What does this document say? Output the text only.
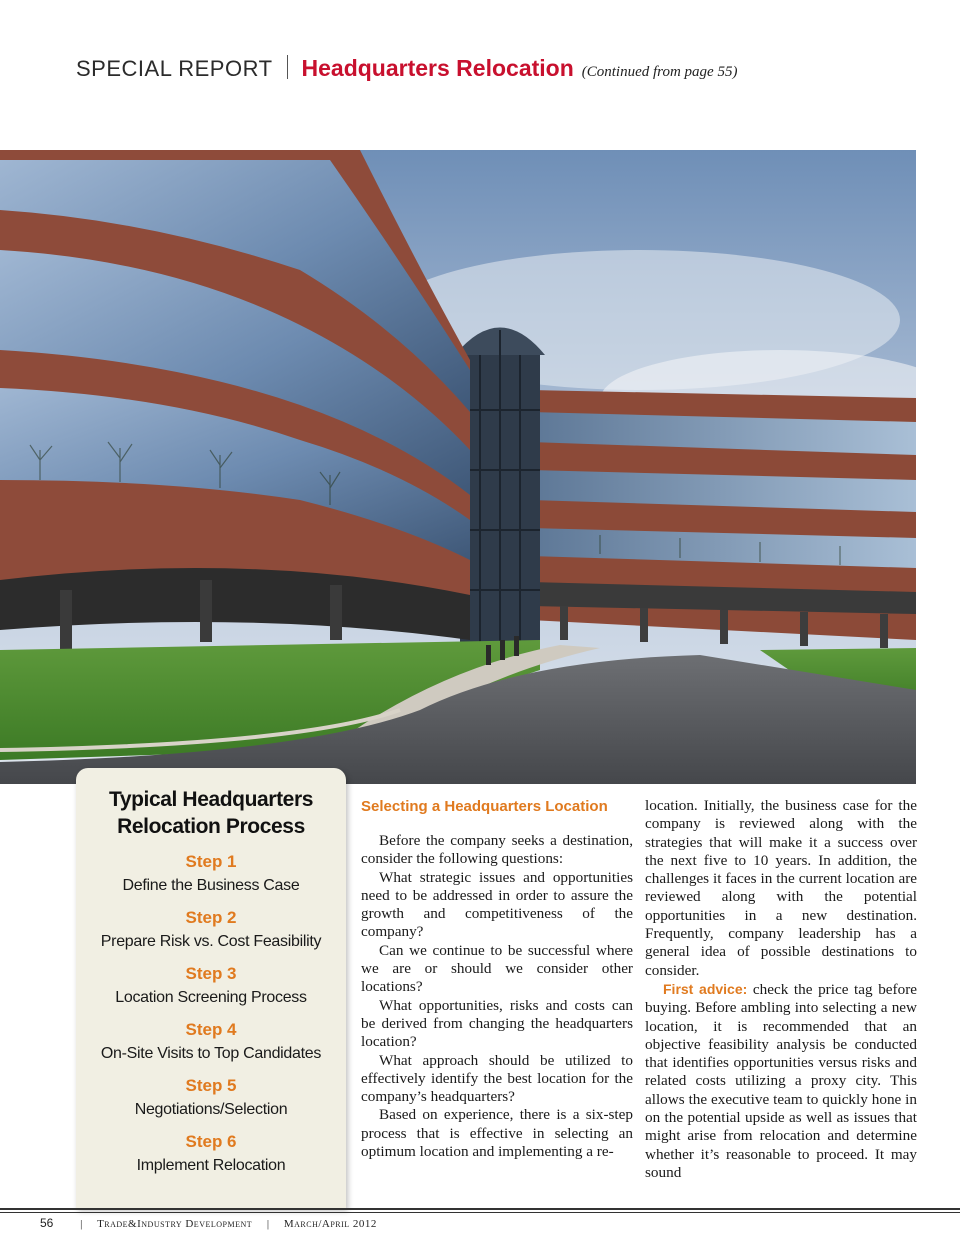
SPECIAL REPORT Headquarters Relocation (Continued from page 55)
Typical Headquarters
Relocation Process
Step 1
Define the Business Case
Step 2
Prepare Risk vs. Cost Feasibility
Step 3
Location Screening Process
Step 4
On-Site Visits to Top Candidates
Step 5
Negotiations/Selection
Step 6
Implement Relocation
Selecting a Headquarters Location

Before the company seeks a destination, consider the following questions:

What strategic issues and opportunities need to be addressed in order to assure the growth and competitiveness of the company?

Can we continue to be successful where we are or should we consider other locations?

What opportunities, risks and costs can be derived from changing the headquarters location?

What approach should be utilized to effectively identify the best location for the company’s headquarters?

Based on experience, there is a six-step process that is effective in selecting an optimum location and implementing a re-

location. Initially, the business case for the company is reviewed along with the strategies that will make it a success over the next five to 10 years. In addition, the challenges it faces in the current location are reviewed along with the potential opportunities in a new destination. Frequently, company leadership has a general idea of possible destinations to consider.

First advice: check the price tag before buying. Before ambling into selecting a new location, it is recommended that an objective feasibility analysis be conducted that identifies opportunities versus risks and related costs utilizing a proxy city. This allows the executive team to quickly hone in on the potential upside as well as issues that might arise from relocation and determine whether it’s reasonable to proceed. It may sound

56 | Trade&Industry Development | March/April 2012
